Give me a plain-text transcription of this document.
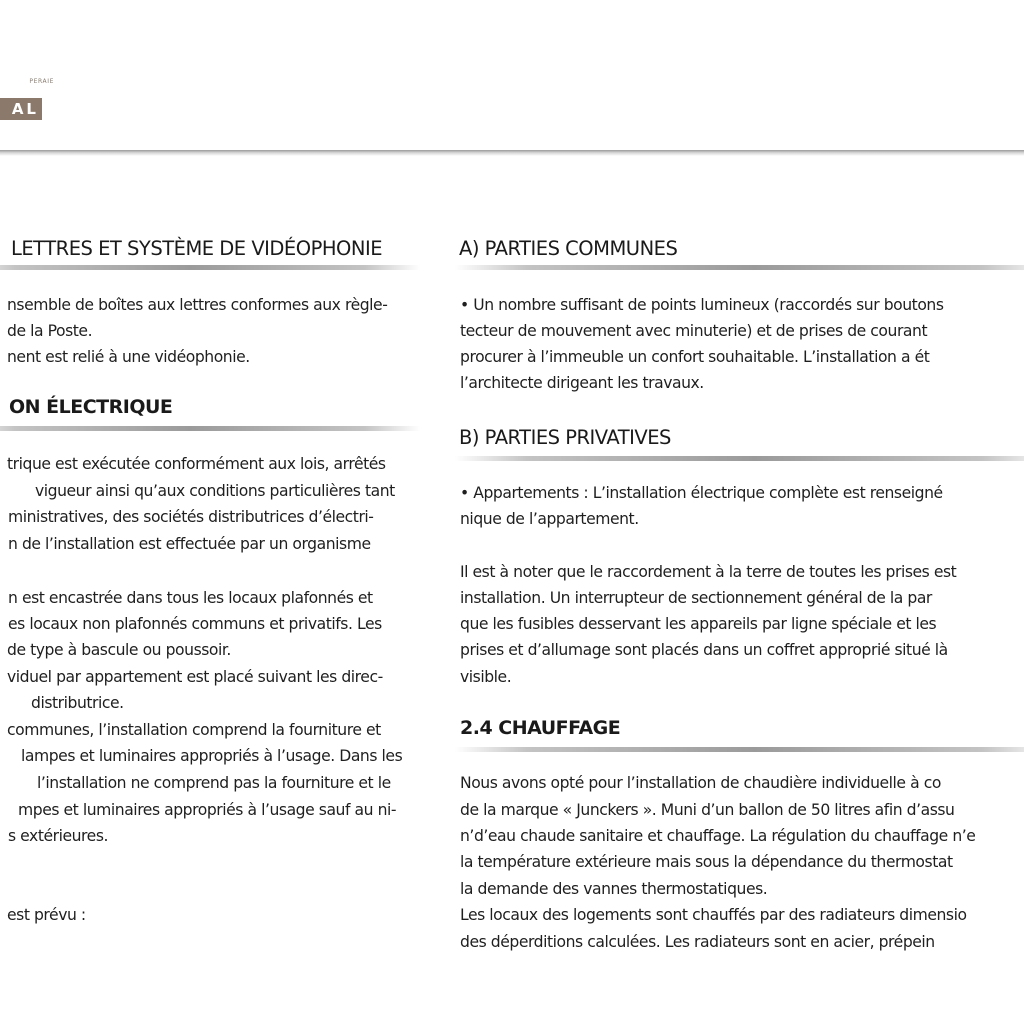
PERAIE
AL
LETTRES ET SYSTÈME DE VIDÉOPHONIE
nsemble de boîtes aux lettres conformes aux règle-
de la Poste.
nent est relié à une vidéophonie.
ON ÉLECTRIQUE
trique est exécutée conformément aux lois, arrêtés
vigueur ainsi qu’aux conditions particulières tant
ministratives, des sociétés distributrices d’électri-
n de l’installation est effectuée par un organisme
n est encastrée dans tous les locaux plafonnés et
es locaux non plafonnés communs et privatifs. Les
de type à bascule ou poussoir.
viduel par appartement est placé suivant les direc-
distributrice.
communes, l’installation comprend la fourniture et
lampes et luminaires appropriés à l’usage. Dans les
l’installation ne comprend pas la fourniture et le
mpes et luminaires appropriés à l’usage sauf au ni-
s extérieures.
est prévu :
A) PARTIES COMMUNES
• Un nombre suffisant de points lumineux (raccordés sur boutons
tecteur de mouvement avec minuterie) et de prises de courant
procurer à l’immeuble un confort souhaitable. L’installation a ét
l’architecte dirigeant les travaux.
B) PARTIES PRIVATIVES
• Appartements : L’installation électrique complète est renseigné
nique de l’appartement.
Il est à noter que le raccordement à la terre de toutes les prises est
installation. Un interrupteur de sectionnement général de la par
que les fusibles desservant les appareils par ligne spéciale et les
prises et d’allumage sont placés dans un coffret approprié situé là
visible.
2.4 CHAUFFAGE
Nous avons opté pour l’installation de chaudière individuelle à co
de la marque « Junckers ». Muni d’un ballon de 50 litres afin d’assu
n’d’eau chaude sanitaire et chauffage. La régulation du chauffage n’e
la température extérieure mais sous la dépendance du thermostat
la demande des vannes thermostatiques.
Les locaux des logements sont chauffés par des radiateurs dimensio
des déperditions calculées. Les radiateurs sont en acier, prépein
